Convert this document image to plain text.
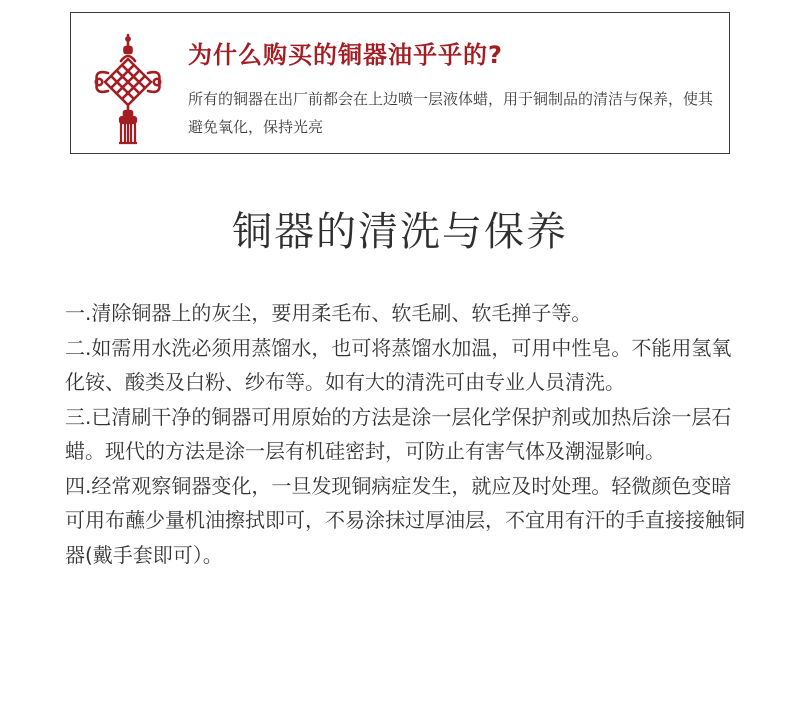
为什么购买的铜器油乎乎的?

所有的铜器在出厂前都会在上边喷一层液体蜡，用于铜制品的清洁与保养，使其避免氧化，保持光亮

铜器的清洗与保养

一.清除铜器上的灰尘，要用柔毛布、软毛刷、软毛掸子等。

二.如需用水洗必须用蒸馏水，也可将蒸馏水加温，可用中性皂。不能用氢氧化铵、酸类及白粉、纱布等。如有大的清洗可由专业人员清洗。

三.已清刷干净的铜器可用原始的方法是涂一层化学保护剂或加热后涂一层石蜡。现代的方法是涂一层有机硅密封，可防止有害气体及潮湿影响。

四.经常观察铜器变化，一旦发现铜病症发生，就应及时处理。轻微颜色变暗可用布蘸少量机油擦拭即可，不易涂抹过厚油层，不宜用有汗的手直接接触铜器(戴手套即可）。
